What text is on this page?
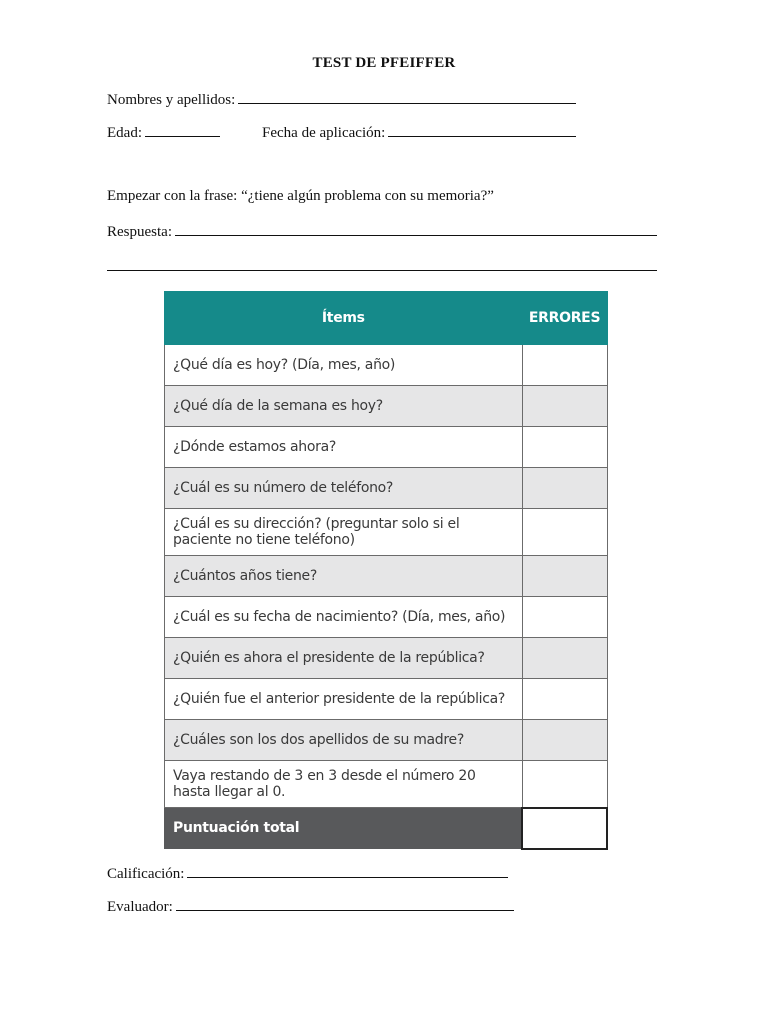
TEST DE PFEIFFER
Nombres y apellidos:
Edad:	Fecha de aplicación:
Empezar con la frase: “¿tiene algún problema con su memoria?”
Respuesta:
Ítems	ERRORES
¿Qué día es hoy? (Día, mes, año)	
¿Qué día de la semana es hoy?	
¿Dónde estamos ahora?	
¿Cuál es su número de teléfono?	
¿Cuál es su dirección? (preguntar solo si el paciente no tiene teléfono)	
¿Cuántos años tiene?	
¿Cuál es su fecha de nacimiento? (Día, mes, año)	
¿Quién es ahora el presidente de la república?	
¿Quién fue el anterior presidente de la república?	
¿Cuáles son los dos apellidos de su madre?	
Vaya restando de 3 en 3 desde el número 20 hasta llegar al 0.	
Puntuación total	
Calificación:
Evaluador:
